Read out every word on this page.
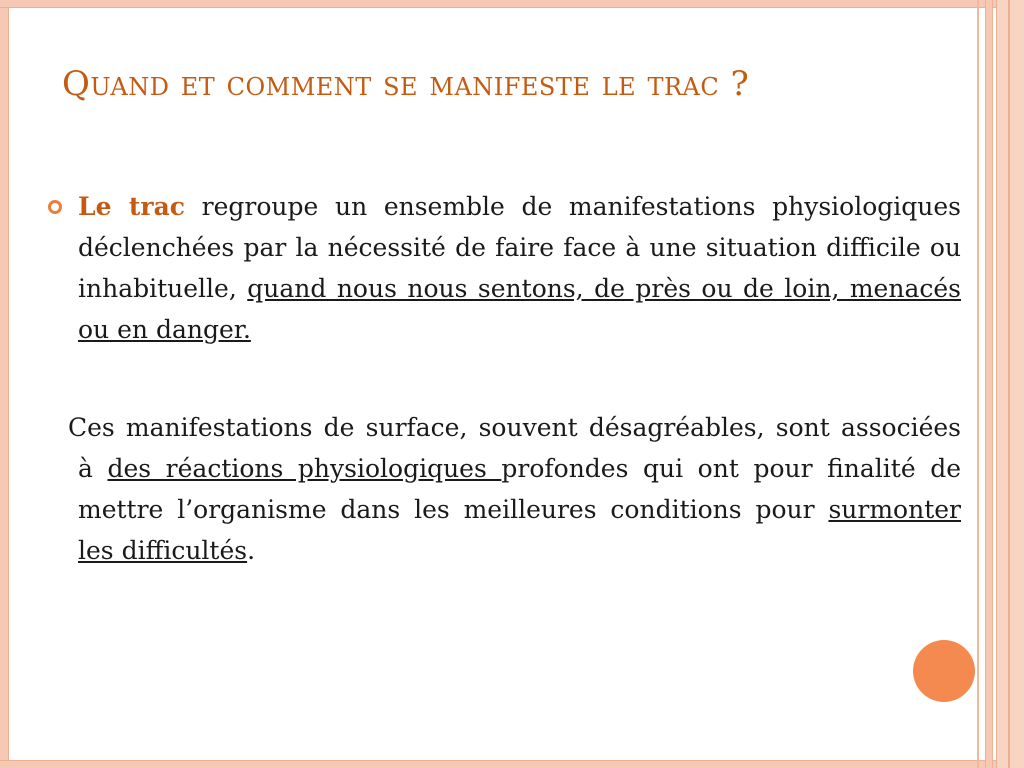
Quand et comment se manifeste le trac ?

Le trac regroupe un ensemble de manifestations physiologiques déclenchées par la nécessité de faire face à une situation difficile ou inhabituelle, quand nous nous sentons, de près ou de loin, menacés ou en danger.

Ces manifestations de surface, souvent désagréables, sont associées à des réactions physiologiques profondes qui ont pour finalité de mettre l’organisme dans les meilleures conditions pour surmonter les difficultés.
